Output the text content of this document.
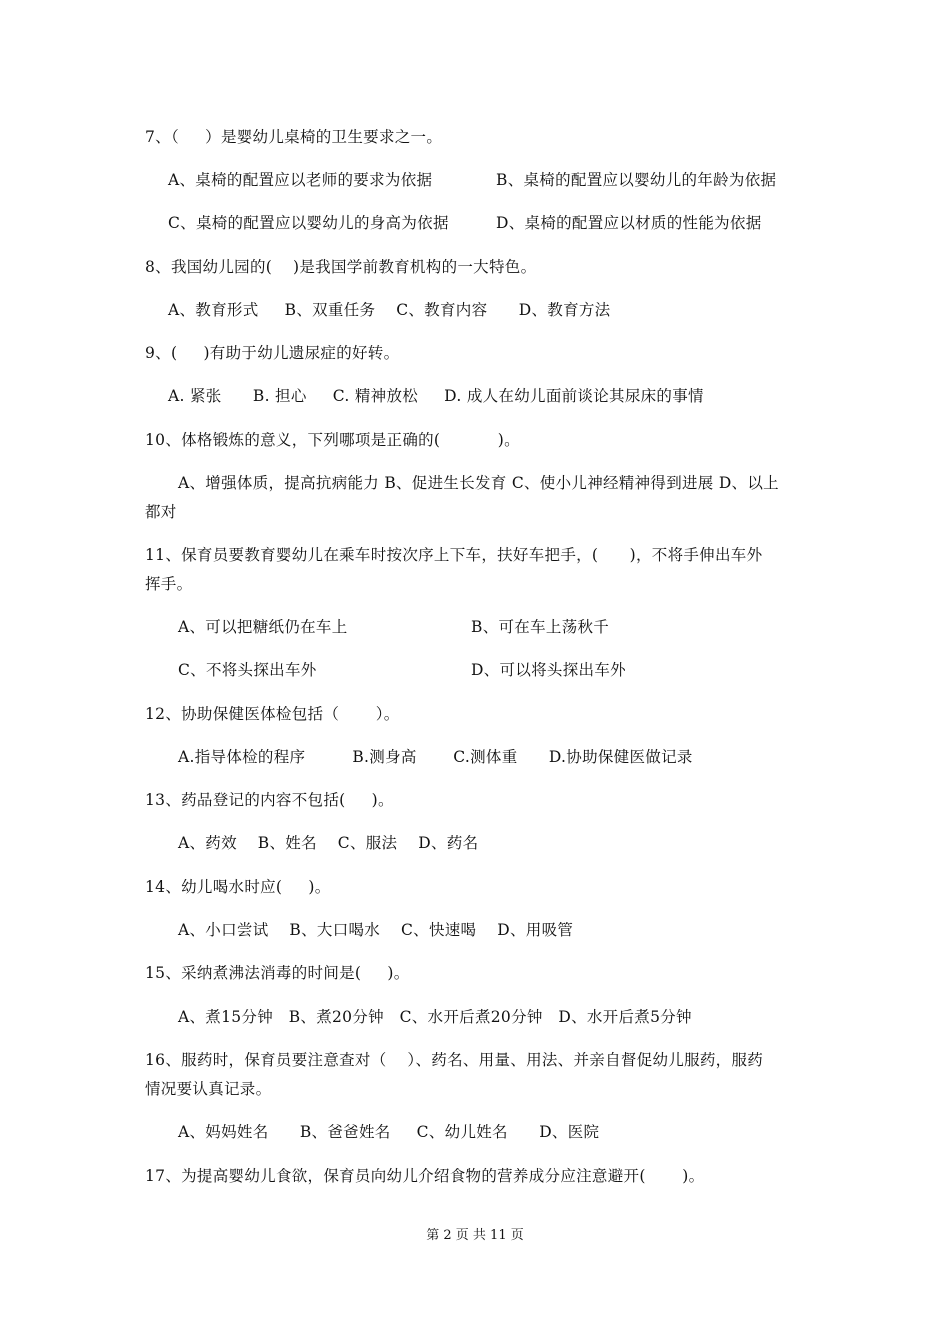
7、（     ）是婴幼儿桌椅的卫生要求之一。
A、桌椅的配置应以老师的要求为依据	B、桌椅的配置应以婴幼儿的年龄为依据
C、桌椅的配置应以婴幼儿的身高为依据	D、桌椅的配置应以材质的性能为依据
8、我国幼儿园的(    )是我国学前教育机构的一大特色。
A、教育形式     B、双重任务    C、教育内容      D、教育方法
9、(     )有助于幼儿遗尿症的好转。
A. 紧张      B. 担心     C. 精神放松     D. 成人在幼儿面前谈论其尿床的事情
10、体格锻炼的意义，下列哪项是正确的(           )。
A、增强体质，提高抗病能力 B、促进生长发育 C、使小儿神经精神得到进展 D、以上
都对
11、保育员要教育婴幼儿在乘车时按次序上下车，扶好车把手，(      )，不将手伸出车外
挥手。
A、可以把糖纸仍在车上	B、可在车上荡秋千
C、不将头探出车外	D、可以将头探出车外
12、协助保健医体检包括（       ）。
A.指导体检的程序         B.测身高       C.测体重      D.协助保健医做记录
13、药品登记的内容不包括(     )。
A、药效    B、姓名    C、服法    D、药名
14、幼儿喝水时应(     )。
A、小口尝试    B、大口喝水    C、快速喝    D、用吸管
15、采纳煮沸法消毒的时间是(     )。
A、煮15分钟   B、煮20分钟   C、水开后煮20分钟   D、水开后煮5分钟
16、服药时，保育员要注意查对（    ）、药名、用量、用法、并亲自督促幼儿服药，服药
情况要认真记录。
A、妈妈姓名      B、爸爸姓名     C、幼儿姓名      D、医院
17、为提高婴幼儿食欲，保育员向幼儿介绍食物的营养成分应注意避开(       )。
第 2 页 共 11 页
